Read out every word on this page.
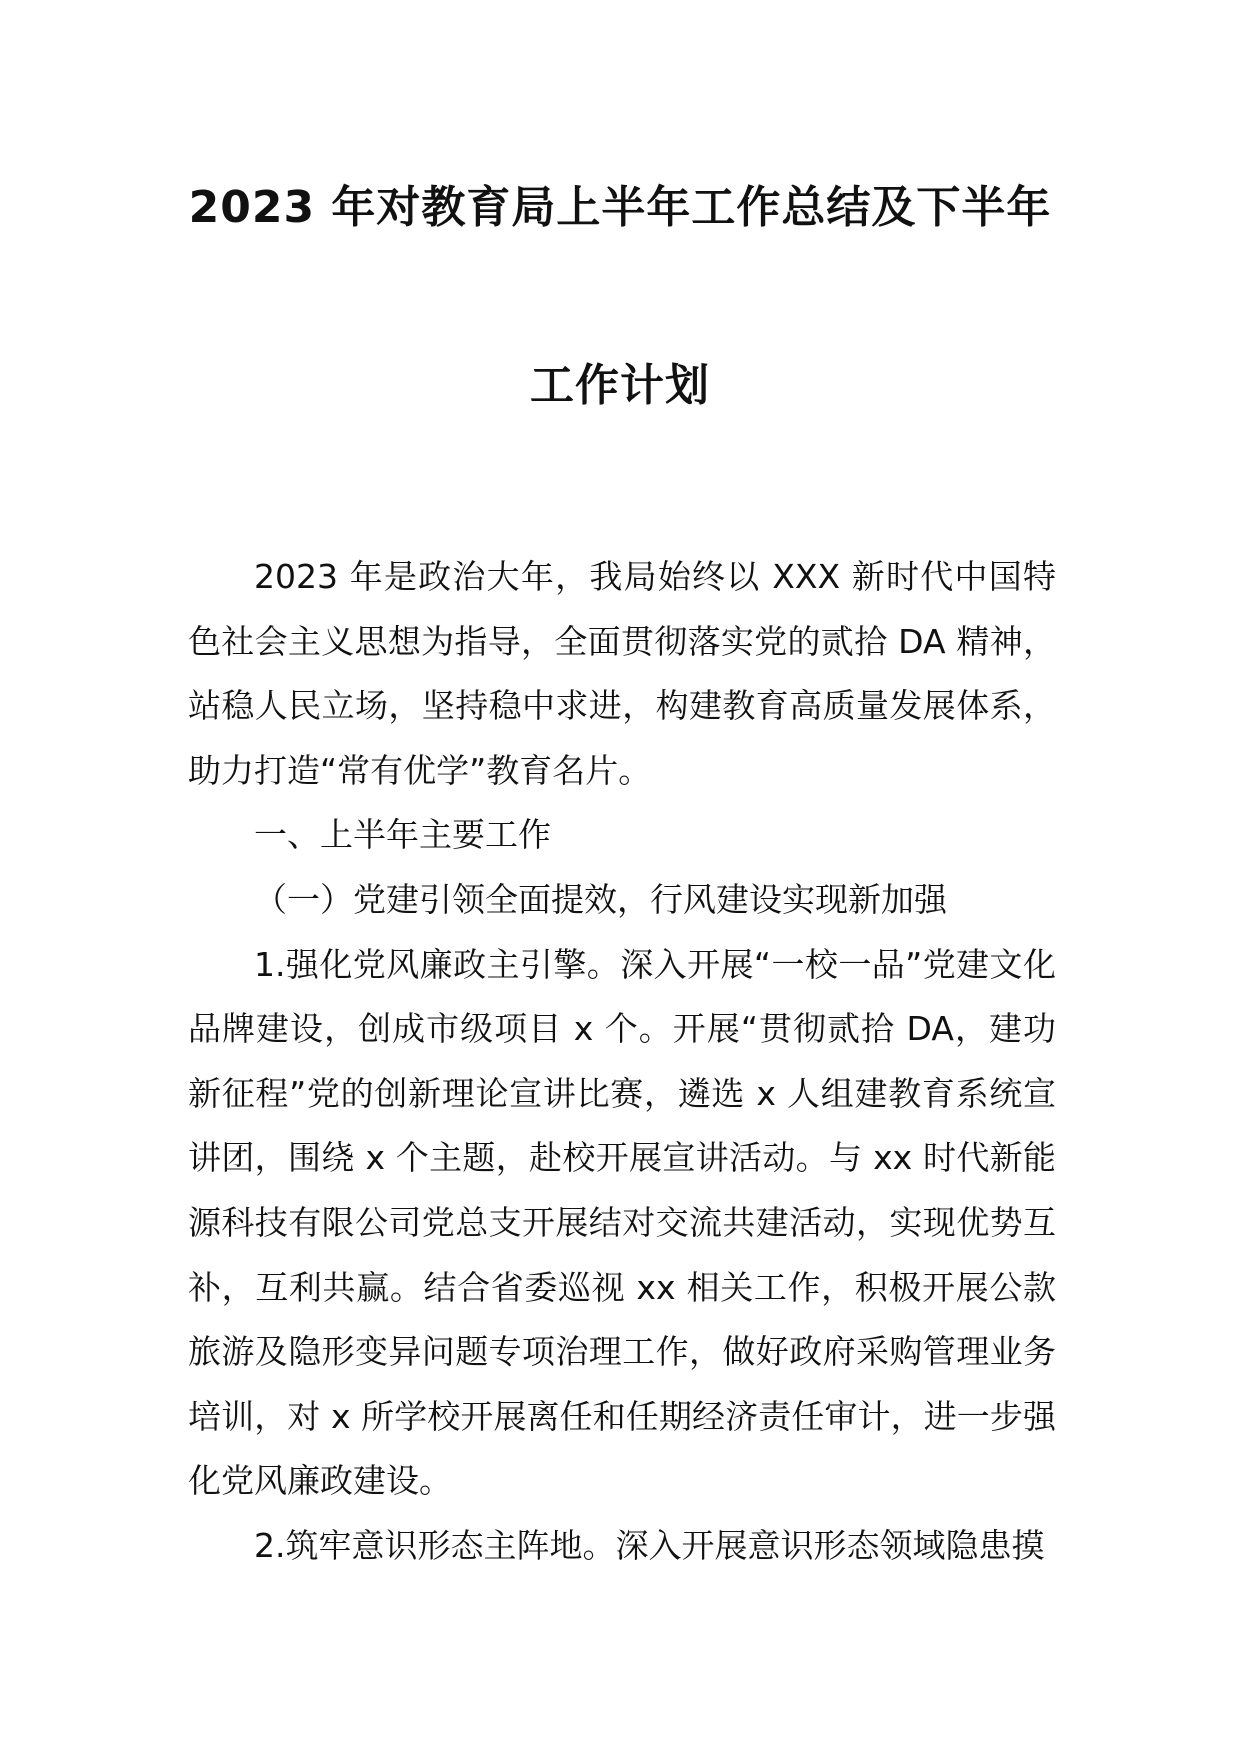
2023 年对教育局上半年工作总结及下半年
工作计划

2023 年是政治大年，我局始终以 XXX 新时代中国特色社会主义思想为指导，全面贯彻落实党的贰拾 DA 精神，站稳人民立场，坚持稳中求进，构建教育高质量发展体系，助力打造“常有优学”教育名片。

一、上半年主要工作

（一）党建引领全面提效，行风建设实现新加强

1.强化党风廉政主引擎。深入开展“一校一品”党建文化品牌建设，创成市级项目 x 个。开展“贯彻贰拾 DA，建功新征程”党的创新理论宣讲比赛，遴选 x 人组建教育系统宣讲团，围绕 x 个主题，赴校开展宣讲活动。与 xx 时代新能源科技有限公司党总支开展结对交流共建活动，实现优势互补，互利共赢。结合省委巡视 xx 相关工作，积极开展公款旅游及隐形变异问题专项治理工作，做好政府采购管理业务培训，对 x 所学校开展离任和任期经济责任审计，进一步强化党风廉政建设。

2.筑牢意识形态主阵地。深入开展意识形态领域隐患摸
